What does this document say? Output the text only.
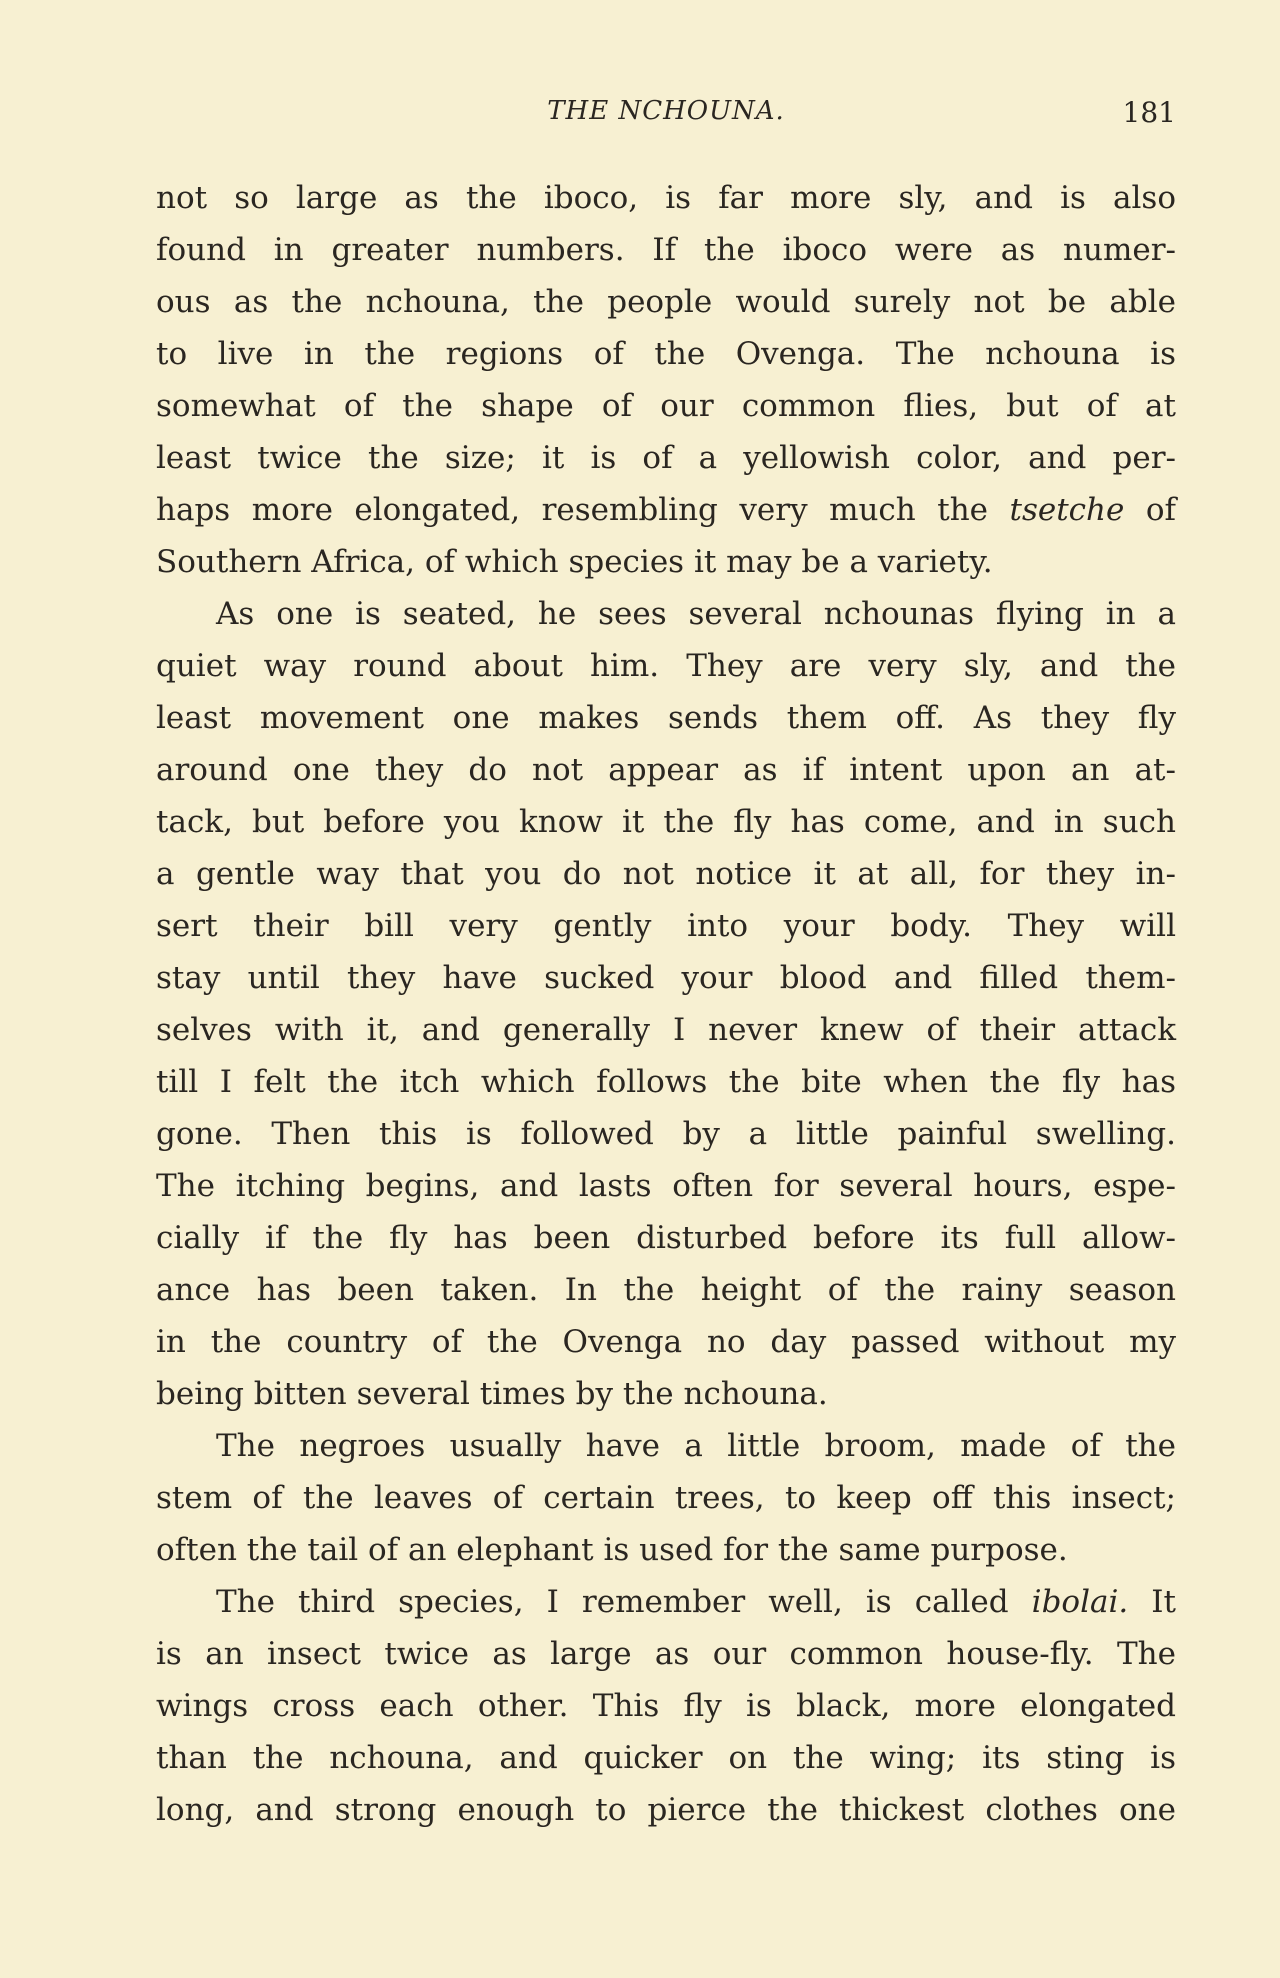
THE NCHOUNA.	181
not so large as the iboco, is far more sly, and is also
found in greater numbers. If the iboco were as numer-
ous as the nchouna, the people would surely not be able
to live in the regions of the Ovenga. The nchouna is
somewhat of the shape of our common flies, but of at
least twice the size; it is of a yellowish color, and per-
haps more elongated, resembling very much the tsetche of
Southern Africa, of which species it may be a variety.
As one is seated, he sees several nchounas flying in a
quiet way round about him. They are very sly, and the
least movement one makes sends them off. As they fly
around one they do not appear as if intent upon an at-
tack, but before you know it the fly has come, and in such
a gentle way that you do not notice it at all, for they in-
sert their bill very gently into your body. They will
stay until they have sucked your blood and filled them-
selves with it, and generally I never knew of their attack
till I felt the itch which follows the bite when the fly has
gone. Then this is followed by a little painful swelling.
The itching begins, and lasts often for several hours, espe-
cially if the fly has been disturbed before its full allow-
ance has been taken. In the height of the rainy season
in the country of the Ovenga no day passed without my
being bitten several times by the nchouna.
The negroes usually have a little broom, made of the
stem of the leaves of certain trees, to keep off this insect;
often the tail of an elephant is used for the same purpose.
The third species, I remember well, is called ibolai. It
is an insect twice as large as our common house-fly. The
wings cross each other. This fly is black, more elongated
than the nchouna, and quicker on the wing; its sting is
long, and strong enough to pierce the thickest clothes one
